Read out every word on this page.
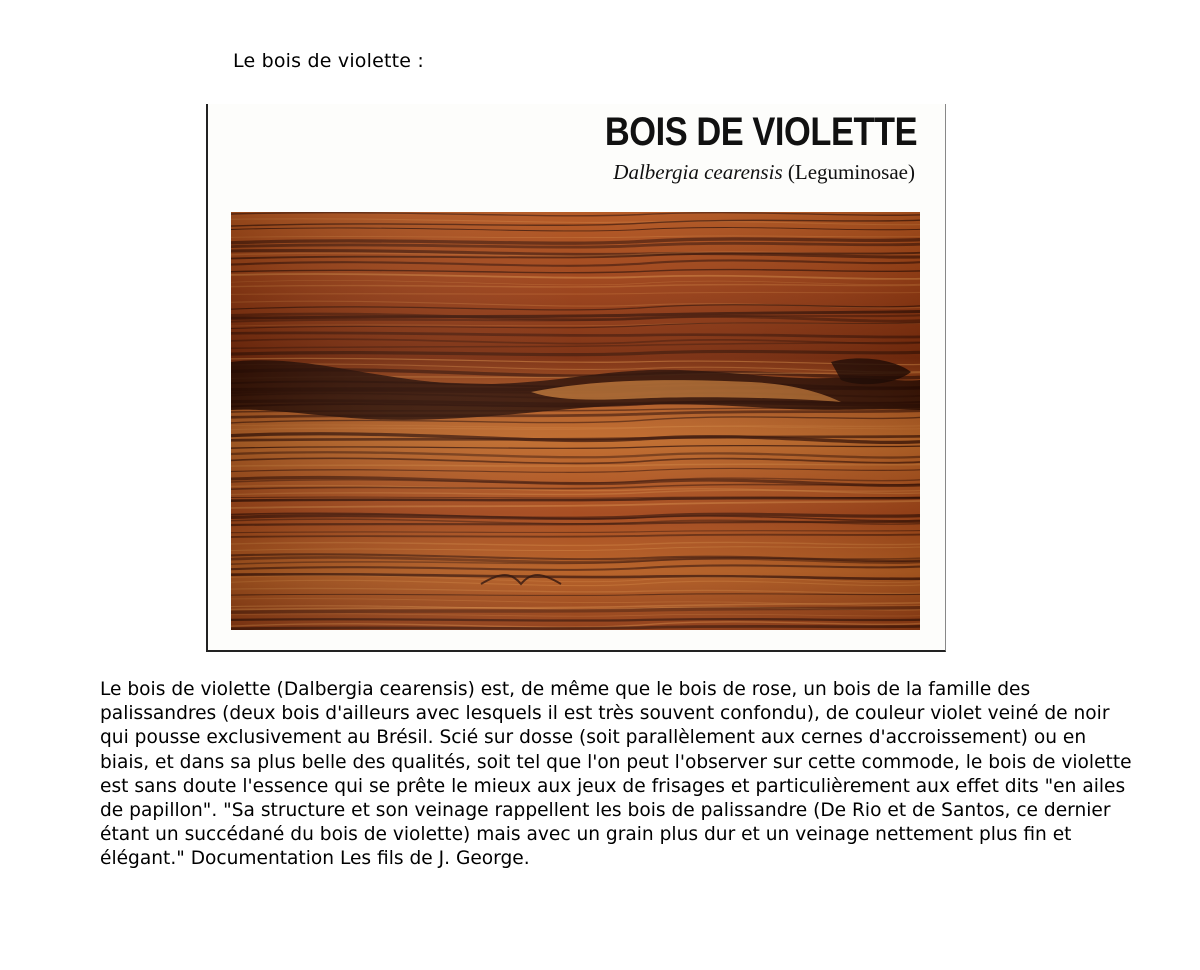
Le bois de violette :
BOIS DE VIOLETTE
Dalbergia cearensis (Leguminosae)

Le bois de violette (Dalbergia cearensis) est, de même que le bois de rose, un bois de la famille des palissandres (deux bois d'ailleurs avec lesquels il est très souvent confondu), de couleur violet veiné de noir qui pousse exclusivement au Brésil. Scié sur dosse (soit parallèlement aux cernes d'accroissement) ou en biais, et dans sa plus belle des qualités, soit tel que l'on peut l'observer sur cette commode, le bois de violette est sans doute l'essence qui se prête le mieux aux jeux de frisages et particulièrement aux effet dits "en ailes de papillon". "Sa structure et son veinage rappellent les bois de palissandre (De Rio et de Santos, ce dernier étant un succédané du bois de violette) mais avec un grain plus dur et un veinage nettement plus fin et élégant." Documentation Les fils de J. George.
